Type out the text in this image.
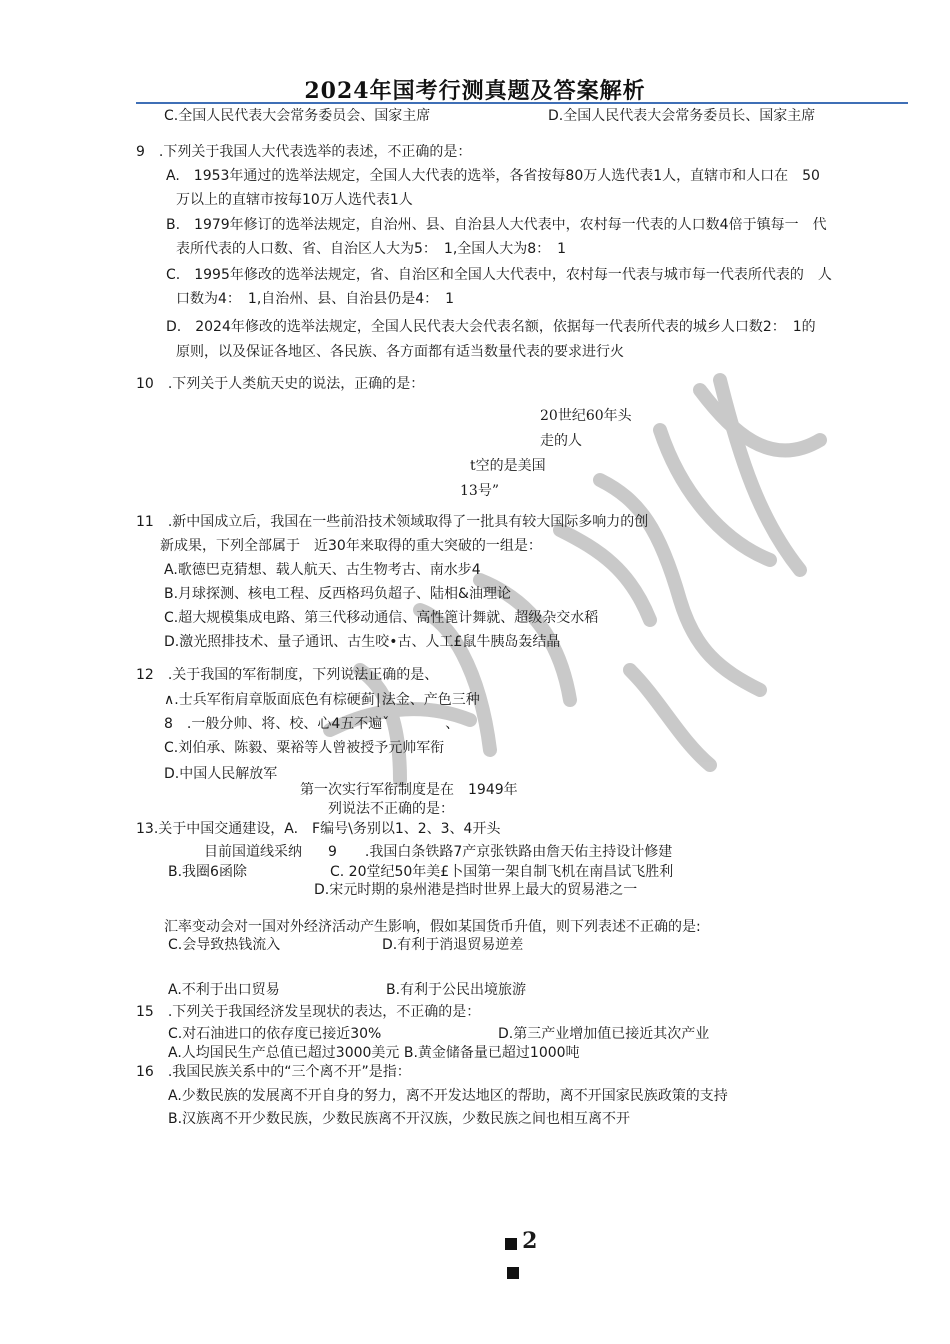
2024年国考行测真题及答案解析
C.全国人民代表大会常务委员会、国家主席	D.全国人民代表大会常务委员长、国家主席
9　.下列关于我国人大代表选举的表述，不正确的是：
A.　1953年通过的选举法规定，全国人大代表的选举，各省按每80万人选代表1人，直辖市和人口在　50
万以上的直辖市按每10万人选代表1人
B.　1979年修订的选举法规定，自治州、县、自治县人大代表中，农村每一代表的人口数4倍于镇每一　代
表所代表的人口数、省、自治区人大为5：　1,全国人大为8：　1
C.　1995年修改的选举法规定，省、自治区和全国人大代表中，农村每一代表与城市每一代表所代表的　人
口数为4：　1,自治州、县、自治县仍是4：　1
D.　2024年修改的选举法规定，全国人民代表大会代表名额，依据每一代表所代表的城乡人口数2：　1的
原则，以及保证各地区、各民族、各方面都有适当数量代表的要求进行火
10　.下列关于人类航天史的说法，正确的是：
20世纪60年头
走的人
t空的是美国
13号”
11　.新中国成立后，我国在一些前沿技术领域取得了一批具有较大国际多响力的创
新成果，下列全部属于　近30年来取得的重大突破的一组是：
A.歌德巴克猜想、载人航天、古生物考古、南水步4
B.月球探测、核电工程、反西格玛负超子、陆相&油理论
C.超大规模集成电路、第三代移动通信、高性篦计舞就、超级杂交水稻
D.激光照排技术、量子通讯、古生咬•古、人工£鼠牛胰岛轰结晶
12　.关于我国的军衔制度，下列说法正确的是、
∧.士兵军衔肩章版面底色有棕硬蓟∣法金、产色三种
8　.一般分帅、将、校、心4五不遍ˇ　　　　、
C.刘伯承、陈毅、粟裕等人曾被授予元帅军衔
D.中国人民解放军
第一次实行军衔制度是在　1949年
列说法不正确的是：
13.关于中国交通建设，A.　F编号\务别以1、2、3、4开头
目前国道线采纳 9　　.我国白条铁路7产京张铁路由詹天佑主持设计修建
B.我圈6函除	C. 20堂纪50年美£卜国第一架自制飞机在南昌试飞胜利
D.宋元时期的泉州港是挡时世界上最大的贸易港之一
汇率变动会对一国对外经济活动产生影响，假如某国货币升值，则下列表述不正确的是:
C.会导致热钱流入	D.有利于消退贸易逆差
A.不利于出口贸易	B.有利于公民出境旅游
15　.下列关于我国经济发呈现状的表达，不正确的是：
C.对石油进口的依存度已接近30%	D.第三产业增加值已接近其次产业
A.人均国民生产总值已超过3000美元 B.黄金储备量已超过1000吨
16　.我国民族关系中的“三个离不开”是指：
A.少数民族的发展离不开自身的努力，离不开发达地区的帮助，离不开国家民族政策的支持
B.汉族离不开少数民族，少数民族离不开汉族，少数民族之间也相互离不开
2
